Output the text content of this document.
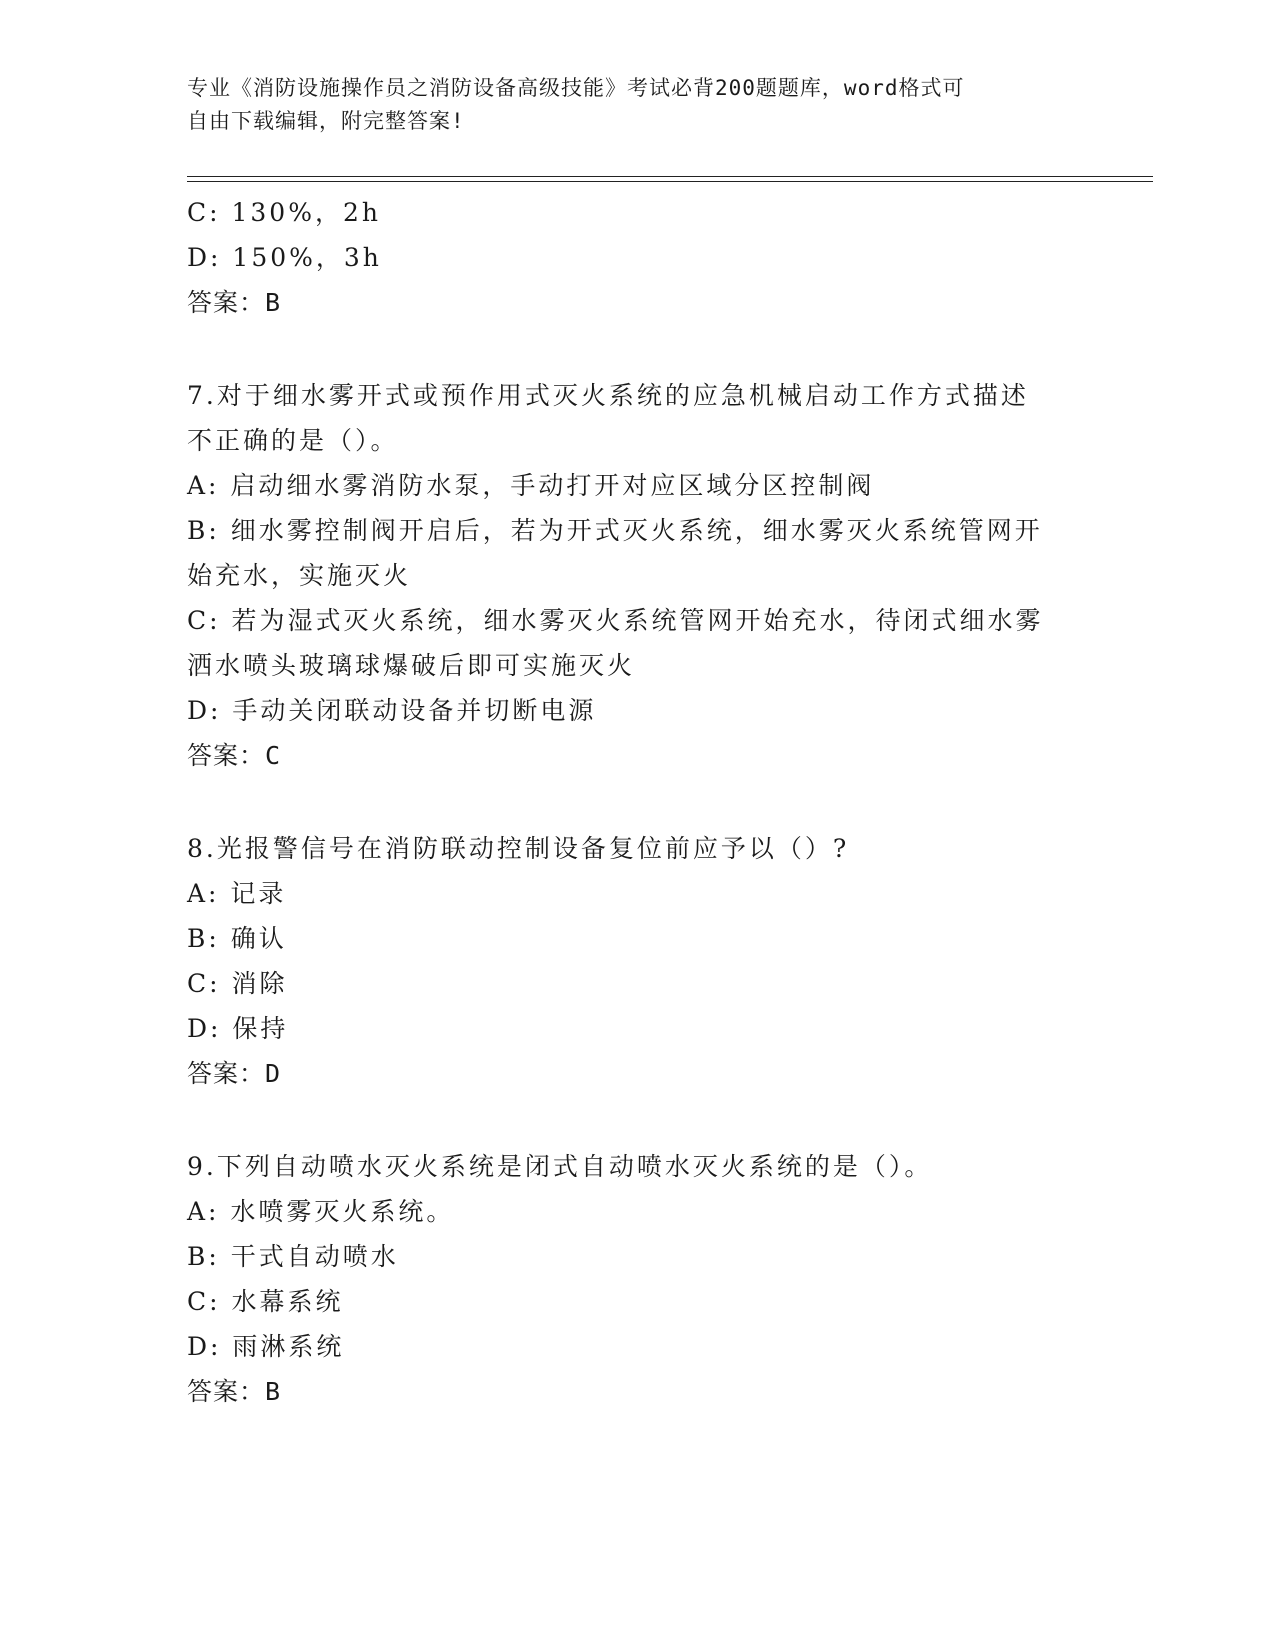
专业《消防设施操作员之消防设备高级技能》考试必背200题题库，word格式可
自由下载编辑，附完整答案!
C: 130%，2h
D: 150%，3h
答案：B
7.对于细水雾开式或预作用式灭火系统的应急机械启动工作方式描述
不正确的是（）。
A: 启动细水雾消防水泵，手动打开对应区域分区控制阀
B: 细水雾控制阀开启后，若为开式灭火系统，细水雾灭火系统管网开
始充水，实施灭火
C: 若为湿式灭火系统，细水雾灭火系统管网开始充水，待闭式细水雾
洒水喷头玻璃球爆破后即可实施灭火
D: 手动关闭联动设备并切断电源
答案：C
8.光报警信号在消防联动控制设备复位前应予以（）?
A: 记录
B: 确认
C: 消除
D: 保持
答案：D
9.下列自动喷水灭火系统是闭式自动喷水灭火系统的是（）。
A: 水喷雾灭火系统。
B: 干式自动喷水
C: 水幕系统
D: 雨淋系统
答案：B
